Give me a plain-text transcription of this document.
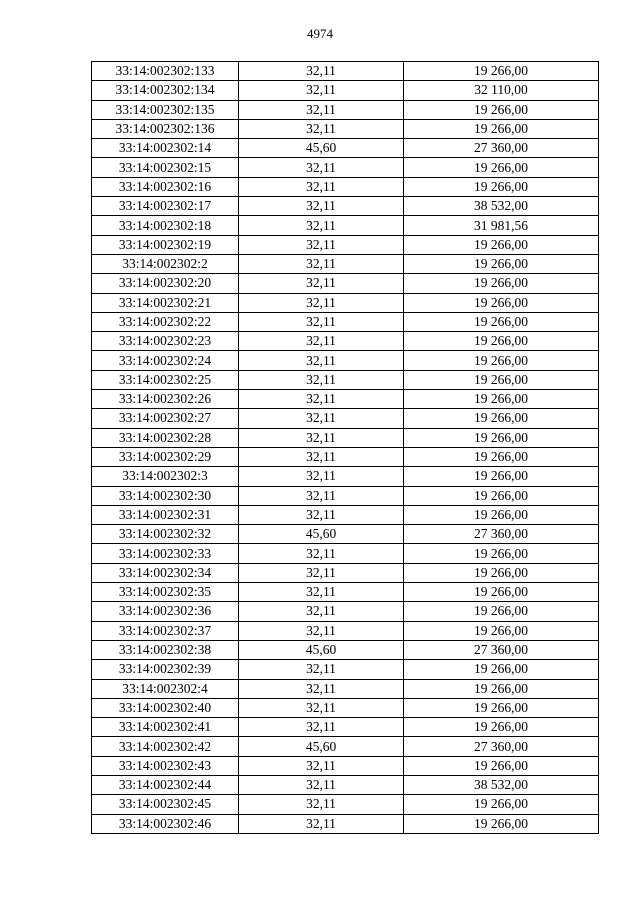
4974
33:14:002302:133	32,11	19 266,00
33:14:002302:134	32,11	32 110,00
33:14:002302:135	32,11	19 266,00
33:14:002302:136	32,11	19 266,00
33:14:002302:14	45,60	27 360,00
33:14:002302:15	32,11	19 266,00
33:14:002302:16	32,11	19 266,00
33:14:002302:17	32,11	38 532,00
33:14:002302:18	32,11	31 981,56
33:14:002302:19	32,11	19 266,00
33:14:002302:2	32,11	19 266,00
33:14:002302:20	32,11	19 266,00
33:14:002302:21	32,11	19 266,00
33:14:002302:22	32,11	19 266,00
33:14:002302:23	32,11	19 266,00
33:14:002302:24	32,11	19 266,00
33:14:002302:25	32,11	19 266,00
33:14:002302:26	32,11	19 266,00
33:14:002302:27	32,11	19 266,00
33:14:002302:28	32,11	19 266,00
33:14:002302:29	32,11	19 266,00
33:14:002302:3	32,11	19 266,00
33:14:002302:30	32,11	19 266,00
33:14:002302:31	32,11	19 266,00
33:14:002302:32	45,60	27 360,00
33:14:002302:33	32,11	19 266,00
33:14:002302:34	32,11	19 266,00
33:14:002302:35	32,11	19 266,00
33:14:002302:36	32,11	19 266,00
33:14:002302:37	32,11	19 266,00
33:14:002302:38	45,60	27 360,00
33:14:002302:39	32,11	19 266,00
33:14:002302:4	32,11	19 266,00
33:14:002302:40	32,11	19 266,00
33:14:002302:41	32,11	19 266,00
33:14:002302:42	45,60	27 360,00
33:14:002302:43	32,11	19 266,00
33:14:002302:44	32,11	38 532,00
33:14:002302:45	32,11	19 266,00
33:14:002302:46	32,11	19 266,00
